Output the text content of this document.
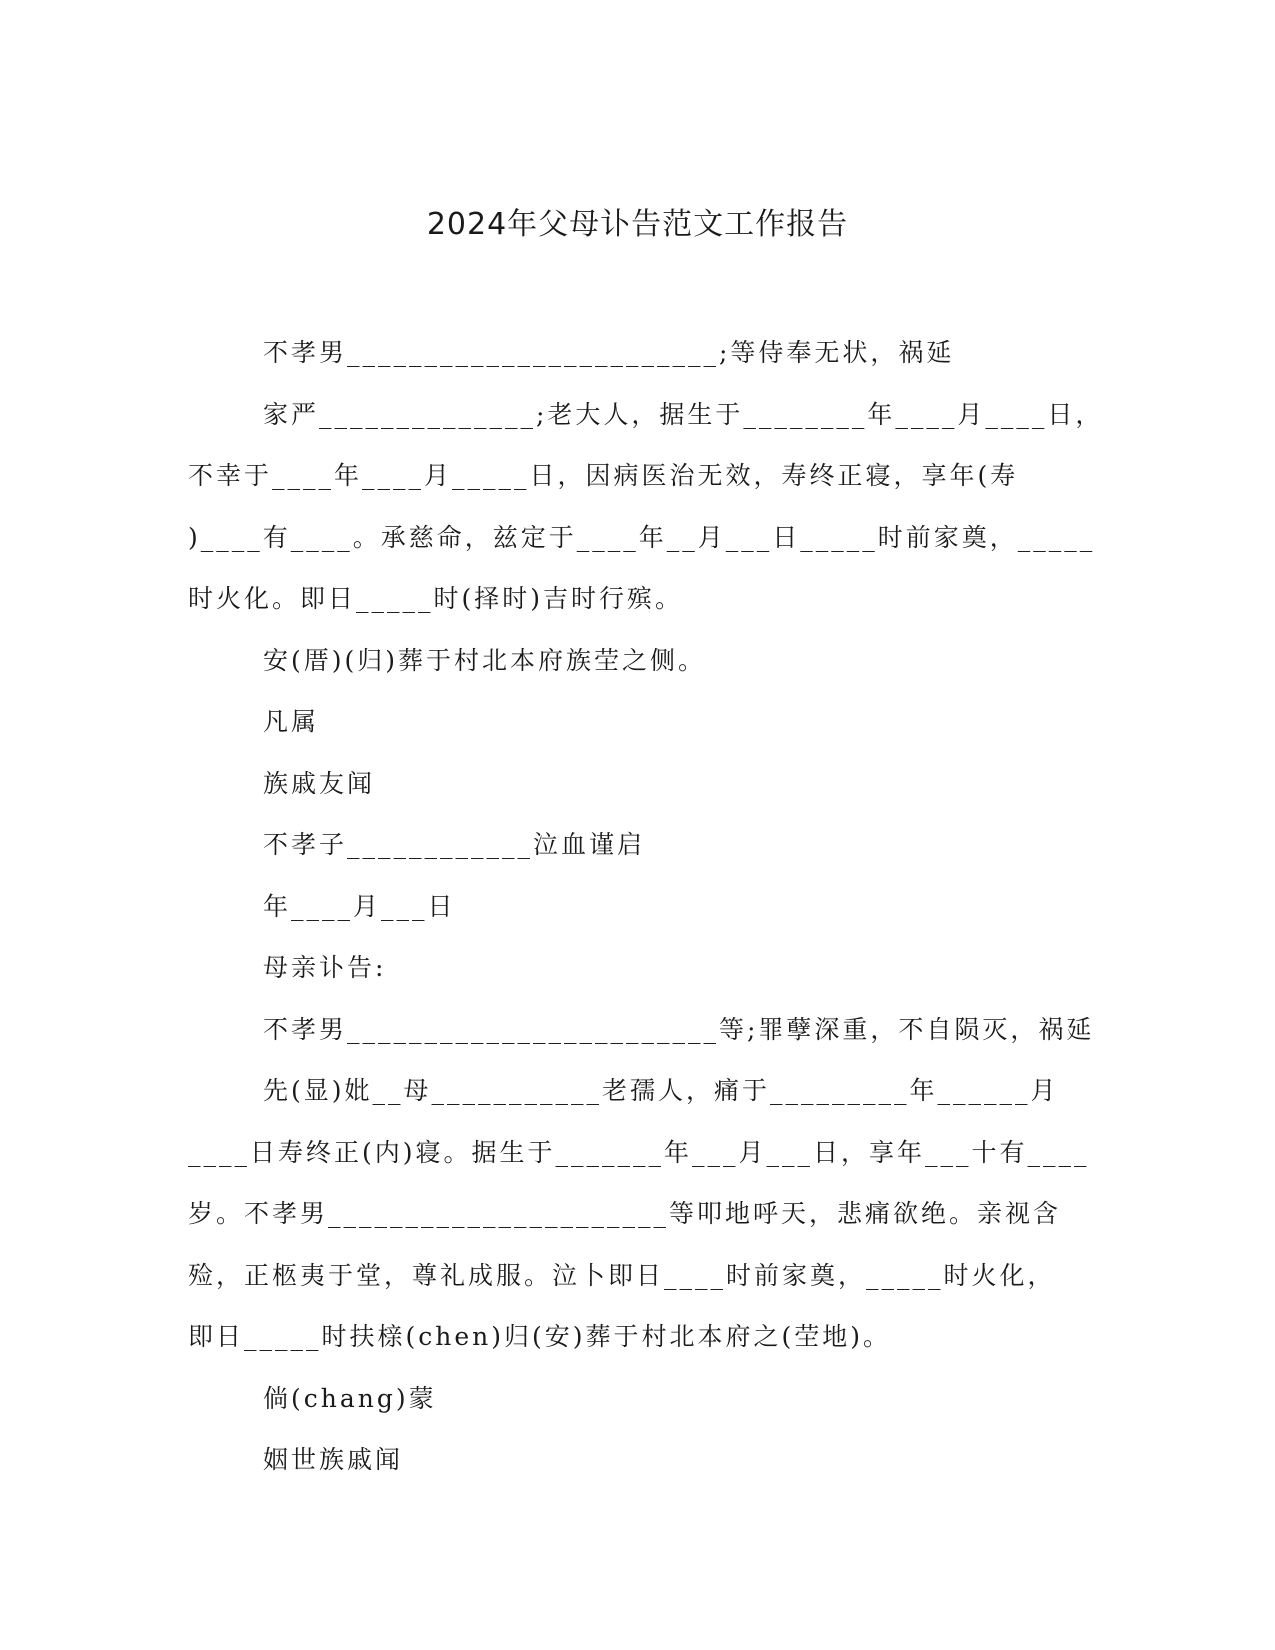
2024年父母讣告范文工作报告

不孝男________________________;等侍奉无状，祸延

家严______________;老大人，据生于________年____月____日，

不幸于____年____月_____日，因病医治无效，寿终正寝，享年(寿

)____有____。承慈命，兹定于____年__月___日_____时前家奠，_____

时火化。即日_____时(择时)吉时行殡。

安(厝)(归)葬于村北本府族茔之侧。

凡属

族戚友闻

不孝子____________泣血谨启

年____月___日

母亲讣告:

不孝男________________________等;罪孽深重，不自陨灭，祸延

先(显)妣__母___________老孺人，痛于_________年______月

____日寿终正(内)寝。据生于_______年___月___日，享年___十有____

岁。不孝男______________________等叩地呼天，悲痛欲绝。亲视含

殓，正柩夷于堂，尊礼成服。泣卜即日____时前家奠，_____时火化，

即日_____时扶榇(chen)归(安)葬于村北本府之(茔地)。

倘(chang)蒙

姻世族戚闻
